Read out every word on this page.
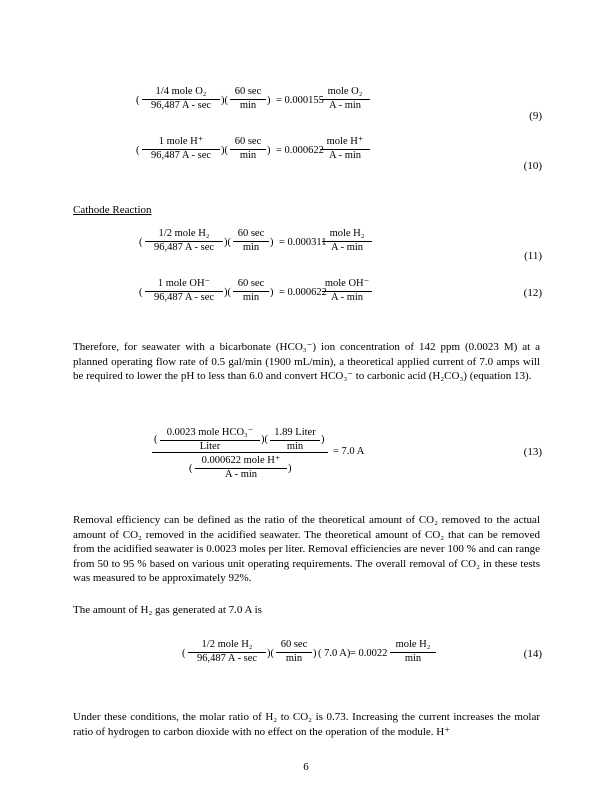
(
1/4 mole O₂
96,487 A - sec )(
60 sec
min	) = 0.000155
mole O₂
A - min
(9)
(
1 mole H⁺
96,487 A - sec )(
60 sec
min	) = 0.000622
mole H⁺
A - min
(10)
Cathode Reaction
(
1/2 mole H₂
96,487 A - sec )(
60 sec
min	) = 0.000311
mole H₂
A - min
(11)
(
1 mole OH⁻
96,487 A - sec )(
60 sec
min	) = 0.000622
mole OH⁻
A - min	(12)

Therefore, for seawater with a bicarbonate (HCO₃⁻) ion concentration of 142 ppm (0.0023 M) at a planned operating flow rate of 0.5 gal/min (1900 mL/min), a theoretical applied current of 7.0 amps will be required to lower the pH to less than 6.0 and convert HCO₃⁻ to carbonic acid (H₂CO₃) (equation 13).

(
0.0023 mole HCO₃⁻
Liter
)(
1.89 Liter
min
)
(
0.000622 mole H⁺
A - min	)
= 7.0 A	(13)

Removal efficiency can be defined as the ratio of the theoretical amount of CO₂ removed to the actual amount of CO₂ removed in the acidified seawater. The theoretical amount of CO₂ that can be removed from the acidified seawater is 0.0023 moles per liter. Removal efficiencies are never 100 % and can range from 50 to 95 % based on various unit operating requirements. The overall removal of CO₂ in these tests was measured to be approximately 92%.

The amount of H₂ gas generated at 7.0 A is

(
1/2 mole H₂
96,487 A - sec )(
60 sec
min	) ( 7.0 A) = 0.0022
mole H₂
min	(14)

Under these conditions, the molar ratio of H₂ to CO₂ is 0.73. Increasing the current increases the molar ratio of hydrogen to carbon dioxide with no effect on the operation of the module. H⁺

6
